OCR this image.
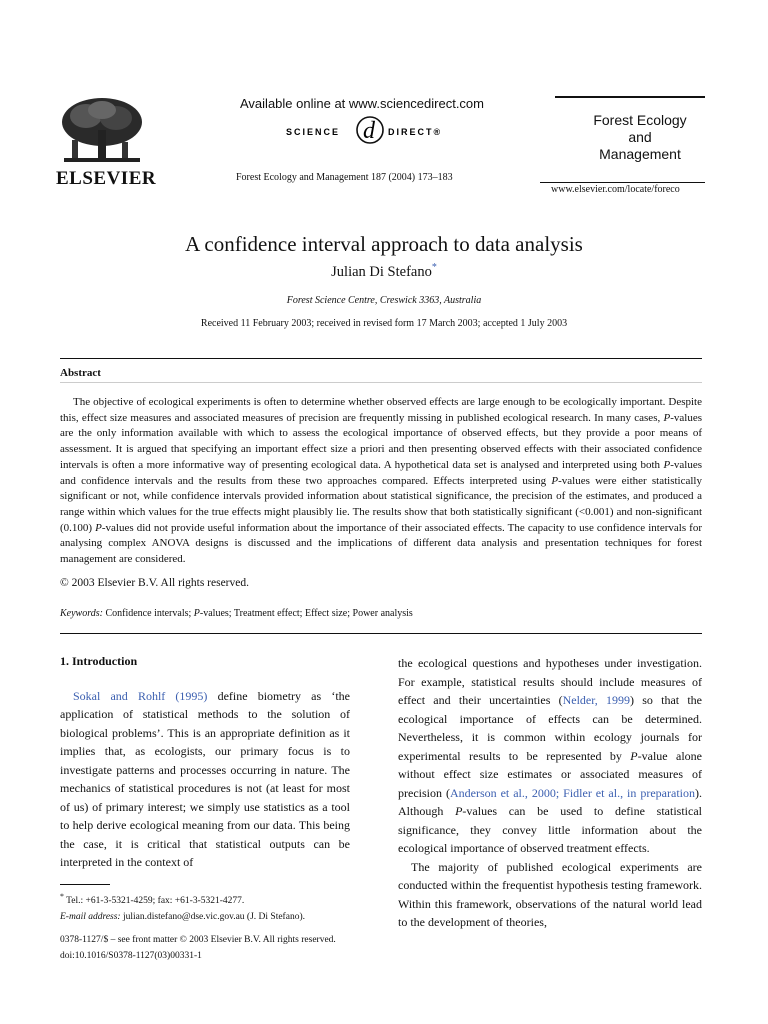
ELSEVIER
Available online at www.sciencedirect.com
SCIENCE d DIRECT®
Forest Ecology and Management 187 (2004) 173–183
Forest Ecology
and
Management
www.elsevier.com/locate/foreco
A confidence interval approach to data analysis
Julian Di Stefano*
Forest Science Centre, Creswick 3363, Australia
Received 11 February 2003; received in revised form 17 March 2003; accepted 1 July 2003
Abstract
The objective of ecological experiments is often to determine whether observed effects are large enough to be ecologically important. Despite this, effect size measures and associated measures of precision are frequently missing in published ecological research. In many cases, P-values are the only information available with which to assess the ecological importance of observed effects, but they provide a poor means of assessment. It is argued that specifying an important effect size a priori and then presenting observed effects with their associated confidence intervals is often a more informative way of presenting ecological data. A hypothetical data set is analysed and interpreted using both P-values and confidence intervals and the results from these two approaches compared. Effects interpreted using P-values were either statistically significant or not, while confidence intervals provided information about statistical significance, the precision of the estimates, and produced a range within which values for the true effects might plausibly lie. The results show that both statistically significant (<0.001) and non-significant (0.100) P-values did not provide useful information about the importance of their associated effects. The capacity to use confidence intervals for analysing complex ANOVA designs is discussed and the implications of different data analysis and presentation techniques for forest management are considered.
© 2003 Elsevier B.V. All rights reserved.
Keywords: Confidence intervals; P-values; Treatment effect; Effect size; Power analysis
1. Introduction

Sokal and Rohlf (1995) define biometry as ‘the application of statistical methods to the solution of biological problems’. This is an appropriate definition as it implies that, as ecologists, our primary focus is to investigate patterns and processes occurring in nature. The mechanics of statistical procedures is not (at least for most of us) of primary interest; we simply use statistics as a tool to help derive ecological meaning from our data. This being the case, it is critical that statistical outputs can be interpreted in the context of

the ecological questions and hypotheses under investigation. For example, statistical results should include measures of effect and their uncertainties (Nelder, 1999) so that the ecological importance of effects can be determined. Nevertheless, it is common within ecology journals for experimental results to be represented by P-value alone without effect size estimates or associated measures of precision (Anderson et al., 2000; Fidler et al., in preparation). Although P-values can be used to define statistical significance, they convey little information about the ecological importance of observed treatment effects.

The majority of published ecological experiments are conducted within the frequentist hypothesis testing framework. Within this framework, observations of the natural world lead to the development of theories,

* Tel.: +61-3-5321-4259; fax: +61-3-5321-4277.
E-mail address: julian.distefano@dse.vic.gov.au (J. Di Stefano).
0378-1127/$ – see front matter © 2003 Elsevier B.V. All rights reserved.
doi:10.1016/S0378-1127(03)00331-1
